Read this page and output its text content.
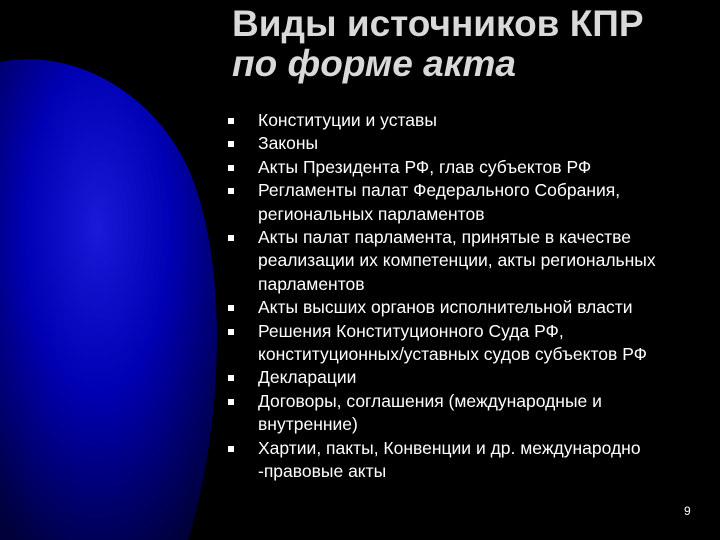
Виды источников КПР
по форме акта
Конституции и уставы
Законы
Акты Президента РФ, глав субъектов РФ
Регламенты палат Федерального Собрания, региональных парламентов
Акты палат парламента, принятые в качестве реализации их компетенции, акты региональных парламентов
Акты высших органов исполнительной власти
Решения Конституционного Суда РФ, конституционных/уставных судов субъектов РФ
Декларации
Договоры, соглашения (международные и внутренние)
Хартии, пакты, Конвенции и др. международно -правовые акты
9
